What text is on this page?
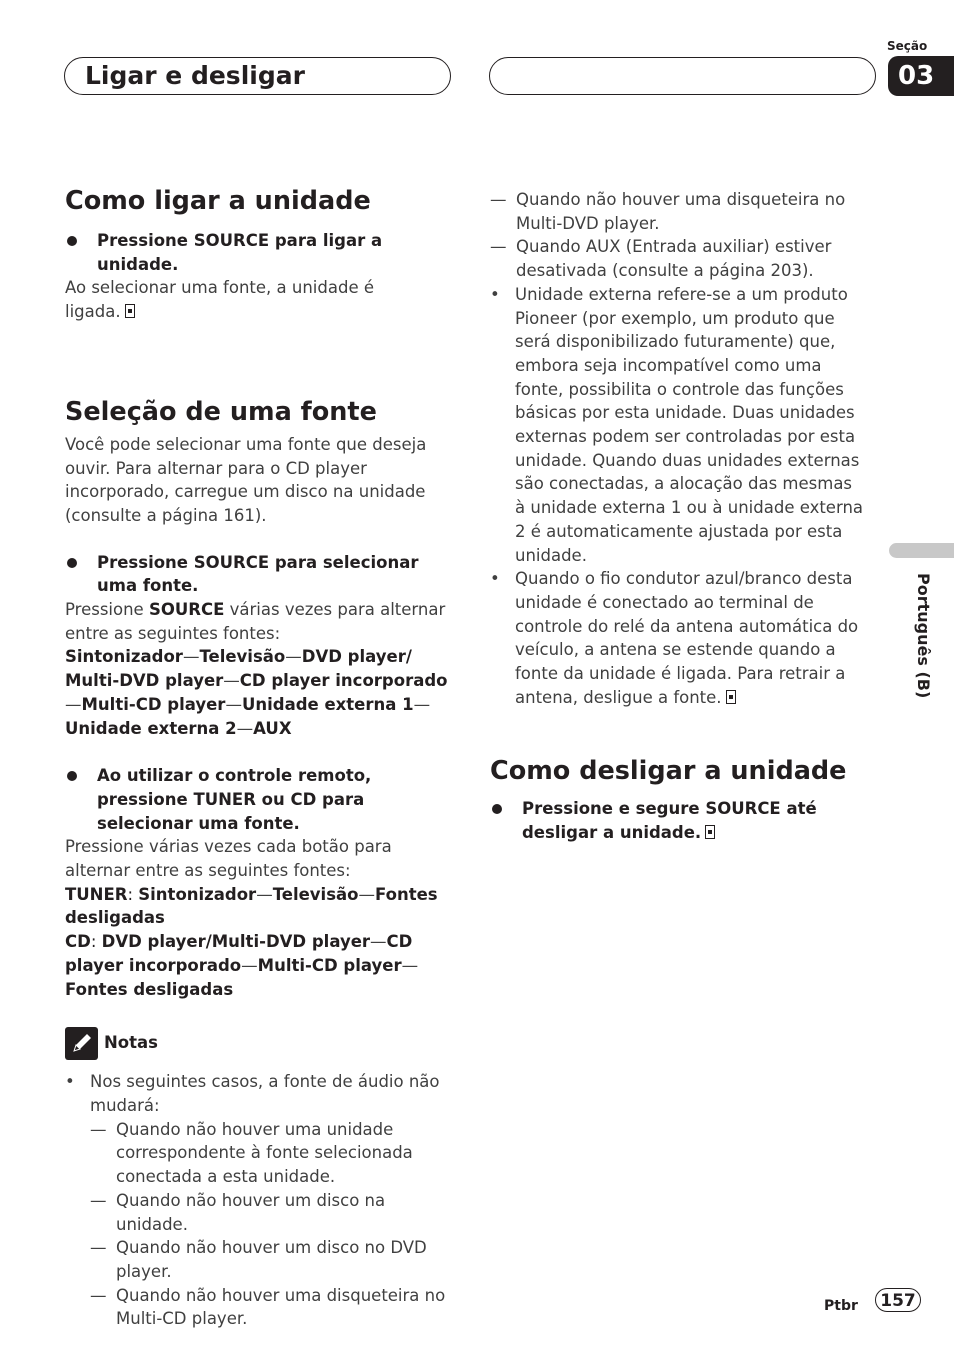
Ligar e desligar
Seção
03
Português (B)
Como ligar a unidade
Pressione SOURCE para ligar a unidade.

Ao selecionar uma fonte, a unidade é ligada.

Seleção de uma fonte

Você pode selecionar uma fonte que deseja ouvir. Para alternar para o CD player incorporado, carregue um disco na unidade (consulte a página 161).

Pressione SOURCE para selecionar uma fonte.

Pressione SOURCE várias vezes para alternar entre as seguintes fontes:

Sintonizador—Televisão—DVD player/ Multi-DVD player—CD player incorporado —Multi-CD player—Unidade externa 1— Unidade externa 2—AUX

Ao utilizar o controle remoto, pressione TUNER ou CD para selecionar uma fonte.

Pressione várias vezes cada botão para alternar entre as seguintes fontes:

TUNER: Sintonizador—Televisão—Fontes desligadas

CD: DVD player/Multi-DVD player—CD player incorporado—Multi-CD player—Fontes desligadas

Notas
• Nos seguintes casos, a fonte de áudio não mudará:
— Quando não houver uma unidade correspondente à fonte selecionada conectada a esta unidade.
— Quando não houver um disco na unidade.
— Quando não houver um disco no DVD player.
— Quando não houver uma disqueteira no Multi-CD player.
— Quando não houver uma disqueteira no Multi-DVD player.
— Quando AUX (Entrada auxiliar) estiver desativada (consulte a página 203).
• Unidade externa refere-se a um produto Pioneer (por exemplo, um produto que será disponibilizado futuramente) que, embora seja incompatível como uma fonte, possibilita o controle das funções básicas por esta unidade. Duas unidades externas podem ser controladas por esta unidade. Quando duas unidades externas são conectadas, a alocação das mesmas à unidade externa 1 ou à unidade externa 2 é automaticamente ajustada por esta unidade.
• Quando o fio condutor azul/branco desta unidade é conectado ao terminal de controle do relé da antena automática do veículo, a antena se estende quando a fonte da unidade é ligada. Para retrair a antena, desligue a fonte.
Como desligar a unidade
Pressione e segure SOURCE até desligar a unidade.
Ptbr	157
